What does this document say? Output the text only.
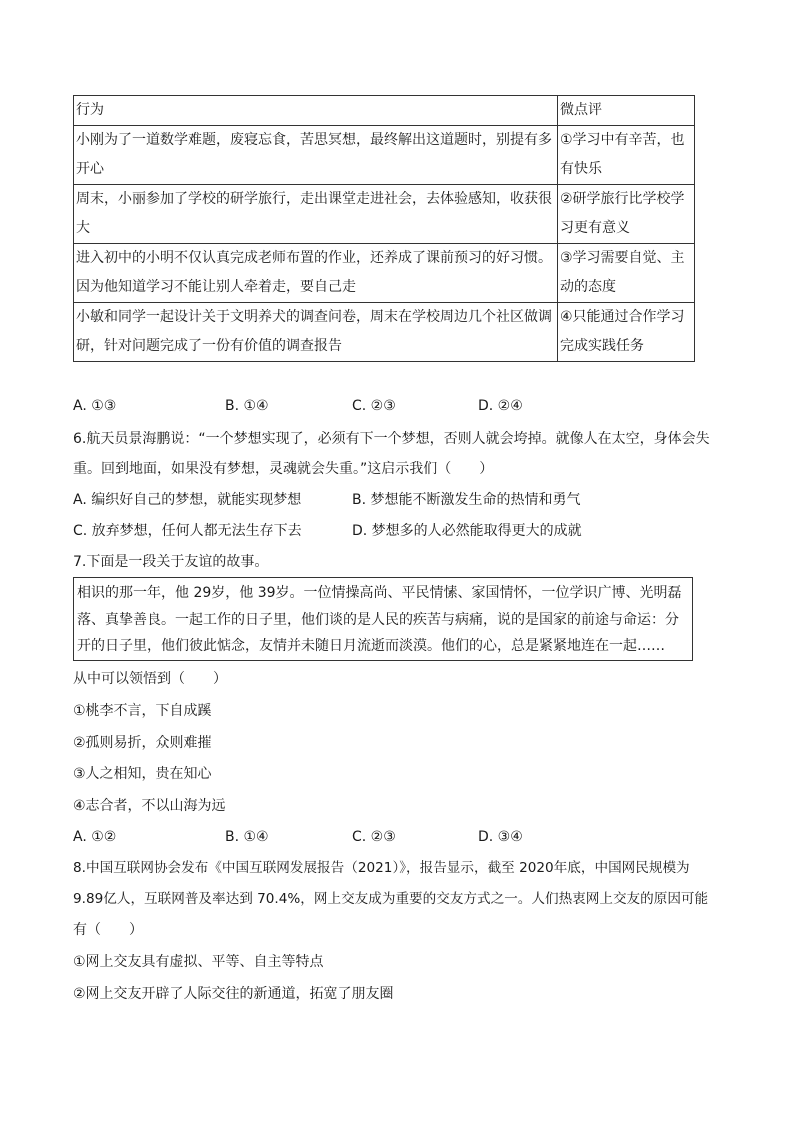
行为	微点评
小刚为了一道数学难题，废寝忘食，苦思冥想，最终解出这道题时，别提有多开心	①学习中有辛苦，也有快乐
周末，小丽参加了学校的研学旅行，走出课堂走进社会，去体验感知，收获很大	②研学旅行比学校学习更有意义
进入初中的小明不仅认真完成老师布置的作业，还养成了课前预习的好习惯。因为他知道学习不能让别人牵着走，要自己走	③学习需要自觉、主动的态度
小敏和同学一起设计关于文明养犬的调查问卷，周末在学校周边几个社区做调研，针对问题完成了一份有价值的调查报告	④只能通过合作学习完成实践任务
A. ①③	B. ①④	C. ②③	D. ②④
6.航天员景海鹏说：“一个梦想实现了，必须有下一个梦想，否则人就会垮掉。就像人在太空，身体会失
重。回到地面，如果没有梦想，灵魂就会失重。”这启示我们（　　）
A. 编织好自己的梦想，就能实现梦想	B. 梦想能不断激发生命的热情和勇气
C. 放弃梦想，任何人都无法生存下去	D. 梦想多的人必然能取得更大的成就
7.下面是一段关于友谊的故事。
相识的那一年，他 29岁，他 39岁。一位情操高尚、平民情愫、家国情怀，一位学识广博、光明磊落、真挚善良。一起工作的日子里，他们谈的是人民的疾苦与病痛，说的是国家的前途与命运：分开的日子里，他们彼此惦念，友情并未随日月流逝而淡漠。他们的心，总是紧紧地连在一起……
从中可以领悟到（　　）
①桃李不言，下自成蹊
②孤则易折，众则难摧
③人之相知，贵在知心
④志合者，不以山海为远
A. ①②	B. ①④	C. ②③	D. ③④
8.中国互联网协会发布《中国互联网发展报告（2021）》，报告显示，截至 2020年底，中国网民规模为
9.89亿人，互联网普及率达到 70.4%，网上交友成为重要的交友方式之一。人们热衷网上交友的原因可能
有（　　）
①网上交友具有虚拟、平等、自主等特点
②网上交友开辟了人际交往的新通道，拓宽了朋友圈
